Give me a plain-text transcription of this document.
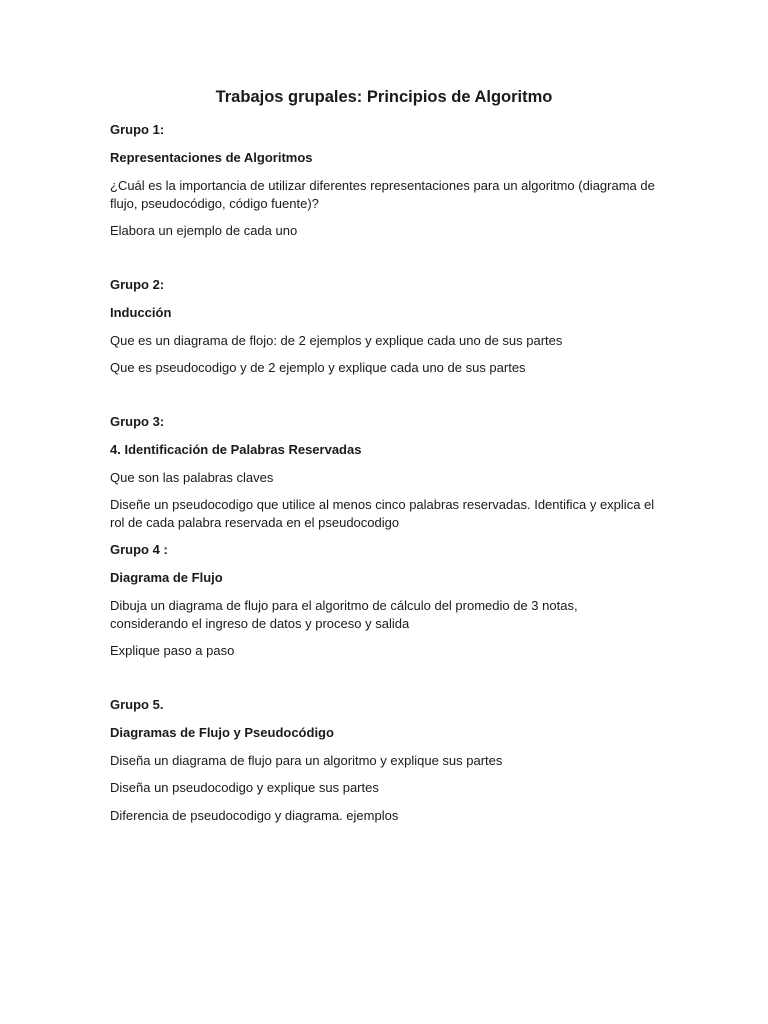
Trabajos grupales: Principios de Algoritmo
Grupo 1:
Representaciones de Algoritmos
¿Cuál es la importancia de utilizar diferentes representaciones para un algoritmo (diagrama de flujo, pseudocódigo, código fuente)?
Elabora un ejemplo de cada uno
Grupo 2:
Inducción
Que es un diagrama de flojo: de 2 ejemplos y explique cada uno de sus partes
Que es pseudocodigo y de 2 ejemplo y explique cada uno de sus partes
Grupo 3:
4. Identificación de Palabras Reservadas
Que son las palabras claves
Diseñe un pseudocodigo que utilice al menos cinco palabras reservadas. Identifica y explica el rol de cada palabra reservada en el pseudocodigo
Grupo 4 :
Diagrama de Flujo
Dibuja un diagrama de flujo para el algoritmo de cálculo del promedio de 3 notas, considerando el ingreso de datos y proceso y salida
Explique paso a paso
Grupo 5.
Diagramas de Flujo y Pseudocódigo
Diseña un diagrama de flujo para un algoritmo y explique sus partes
Diseña un pseudocodigo y explique sus partes
Diferencia de pseudocodigo y diagrama. ejemplos
